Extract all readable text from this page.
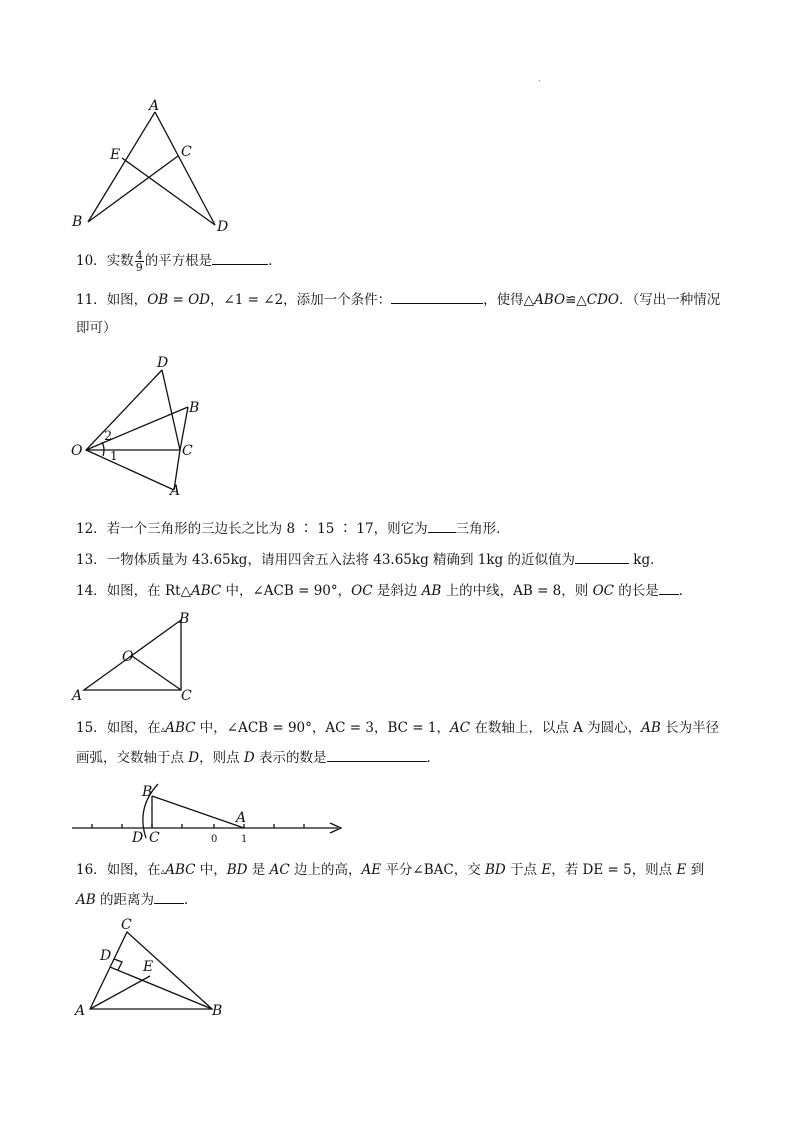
.
A
E	C
B	D
10．实数 $\frac{4}{9}$ 的平方根是	．
11．如图，OB = OD，∠1 = ∠2，添加一个条件：	，使得△ABO≌△CDO．（写出一种情况即可）
D
B
O	C
A
2
1
12．若一个三角形的三边长之比为 8 ∶ 15 ∶ 17，则它为 三角形．
13．一物体质量为 43.65kg，请用四舍五入法将 43.65kg 精确到 1kg 的近似值为	kg．
14．如图，在 Rt△ABC 中，∠ACB = 90°，OC 是斜边 AB 上的中线，AB = 8，则 OC 的长是 ．
B
O
A	C
15．如图，在▵ABC 中，∠ACB = 90°，AC = 3，BC = 1，AC 在数轴上，以点 A 为圆心，AB 长为半径画弧，交数轴于点 D，则点 D 表示的数是	．
B
A
D C	0 1
16．如图，在▵ABC 中，BD 是 AC 边上的高，AE 平分∠BAC，交 BD 于点 E，若 DE = 5，则点 E 到 AB 的距离为 ．
C
D
E
A	B
